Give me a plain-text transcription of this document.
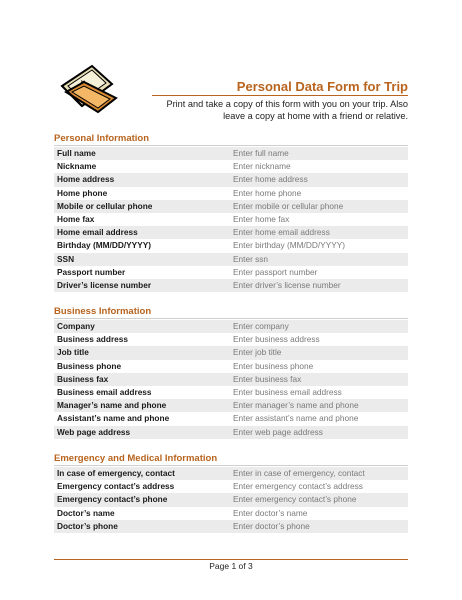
Personal Data Form for Trip
Print and take a copy of this form with you on your trip. Also
leave a copy at home with a friend or relative.
Personal Information
Full name	Enter full name
Nickname	Enter nickname
Home address	Enter home address
Home phone	Enter home phone
Mobile or cellular phone	Enter mobile or cellular phone
Home fax	Enter home fax
Home email address	Enter home email address
Birthday (MM/DD/YYYY)	Enter birthday (MM/DD/YYYY)
SSN	Enter ssn
Passport number	Enter passport number
Driver’s license number	Enter driver’s license number
Business Information
Company	Enter company
Business address	Enter business address
Job title	Enter job title
Business phone	Enter business phone
Business fax	Enter business fax
Business email address	Enter business email address
Manager’s name and phone	Enter manager’s name and phone
Assistant’s name and phone	Enter assistant’s name and phone
Web page address	Enter web page address
Emergency and Medical Information
In case of emergency, contact	Enter in case of emergency, contact
Emergency contact’s address	Enter emergency contact’s address
Emergency contact’s phone	Enter emergency contact’s phone
Doctor’s name	Enter doctor’s name
Doctor’s phone	Enter doctor’s phone
Page 1 of 3
